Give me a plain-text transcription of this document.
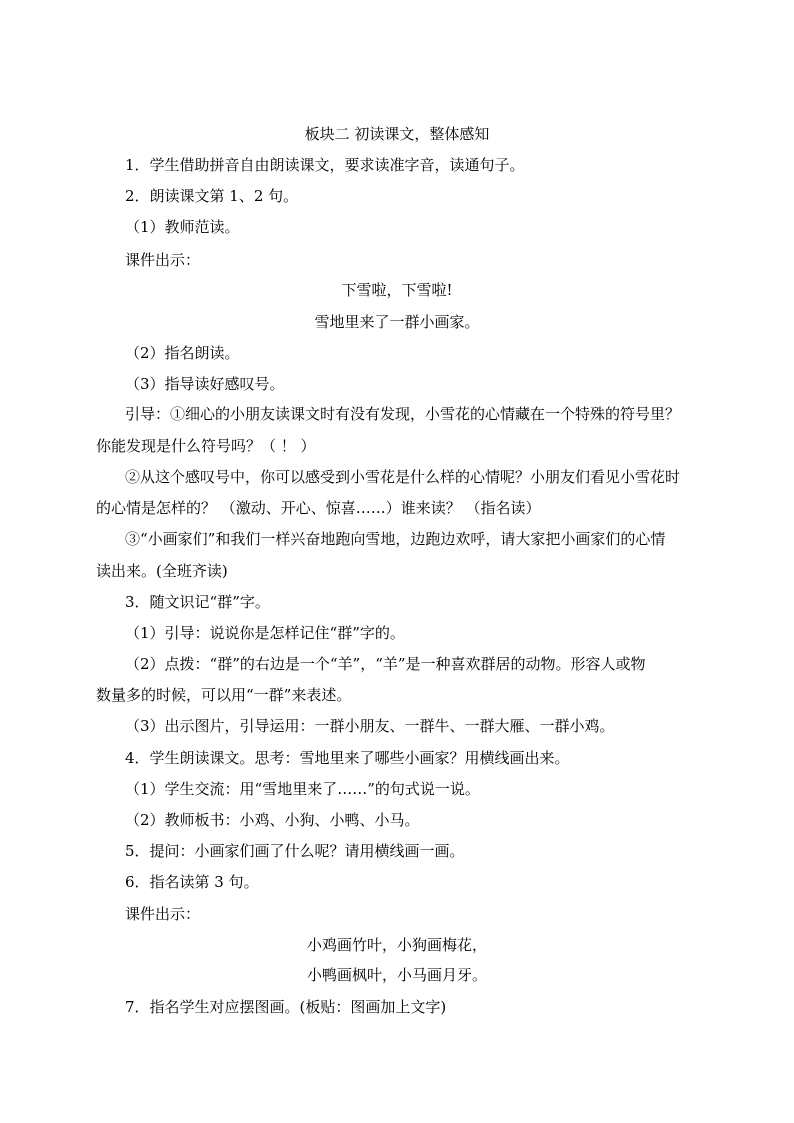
板块二 初读课文，整体感知
1．学生借助拼音自由朗读课文，要求读准字音，读通句子。
2．朗读课文第 1、2 句。
（1）教师范读。
课件出示：
下雪啦，下雪啦!
雪地里来了一群小画家。
（2）指名朗读。
（3）指导读好感叹号。
引导：①细心的小朋友读课文时有没有发现，小雪花的心情藏在一个特殊的符号里？
你能发现是什么符号吗？（ ！ ）
②从这个感叹号中，你可以感受到小雪花是什么样的心情呢？小朋友们看见小雪花时
的心情是怎样的？ （激动、开心、惊喜……）谁来读？ （指名读）
③“小画家们”和我们一样兴奋地跑向雪地，边跑边欢呼，请大家把小画家们的心情
读出来。(全班齐读)
3．随文识记“群”字。
（1）引导：说说你是怎样记住“群”字的。
（2）点拨：“群”的右边是一个“羊”，“羊”是一种喜欢群居的动物。形容人或物
数量多的时候，可以用“一群”来表述。
（3）出示图片，引导运用：一群小朋友、一群牛、一群大雁、一群小鸡。
4．学生朗读课文。思考：雪地里来了哪些小画家？用横线画出来。
（1）学生交流：用“雪地里来了……”的句式说一说。
（2）教师板书：小鸡、小狗、小鸭、小马。
5．提问：小画家们画了什么呢？请用横线画一画。
6．指名读第 3 句。
课件出示：
小鸡画竹叶，小狗画梅花，
小鸭画枫叶，小马画月牙。
7．指名学生对应摆图画。(板贴：图画加上文字)
